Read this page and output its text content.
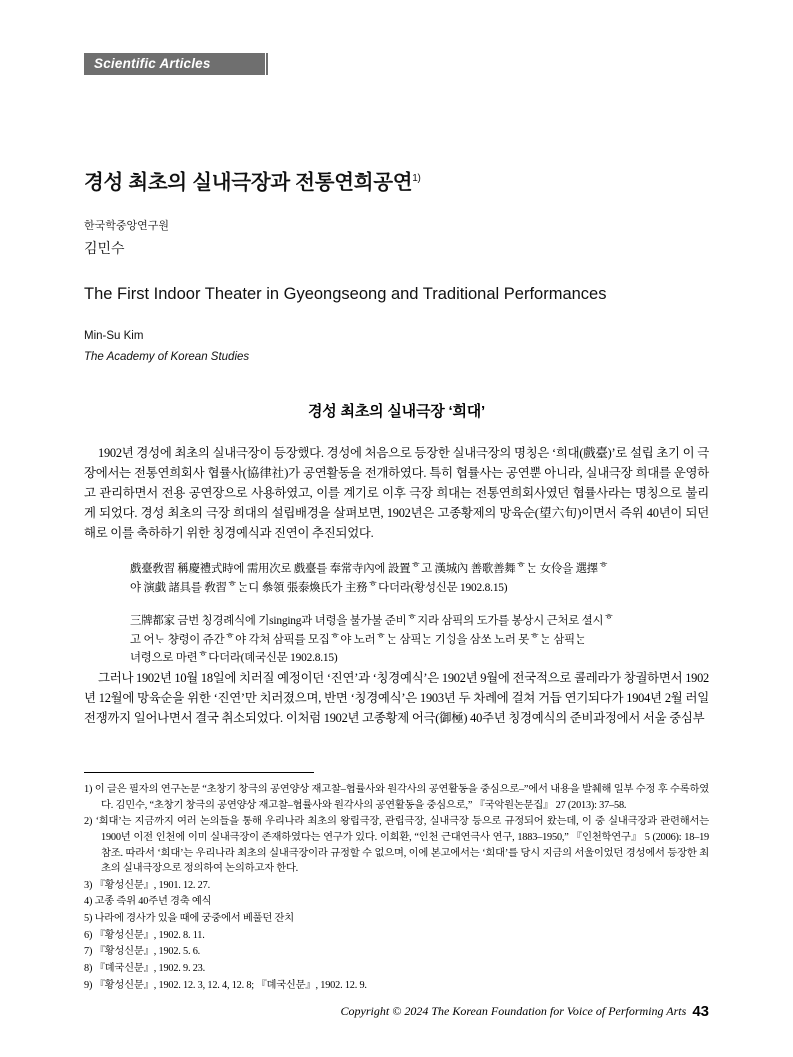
Scientific Articles
경성 최초의 실내극장과 전통연희공연$^{1)}$
한국학중앙연구원
김민수
The First Indoor Theater in Gyeongseong and Traditional Performances
Min-Su Kim
The Academy of Korean Studies
경성 최초의 실내극장 ‘희대’

1902년 경성에 최초의 실내극장이 등장했다. 경성에 처음으로 등장한 실내극장의 명칭은 ‘희대(戲臺)’로 설립 초기 이 극장에서는 전통연희회사 협률사(協律社)가 공연활동을 전개하였다. 특히 협률사는 공연뿐 아니라, 실내극장 희대를 운영하고 관리하면서 전용 공연장으로 사용하였고, 이를 계기로 이후 극장 희대는 전통연희회사였던 협률사라는 명칭으로 불리게 되었다. 경성 최초의 극장 희대의 설립배경을 살펴보면, 1902년은 고종황제의 망육순(望六旬)이면서 즉위 40년이 되던 해로 이를 축하하기 위한 칭경예식과 진연이 추진되었다.

戲臺敎習 稱慶禮式時에 需用次로 戲臺를 奉常寺內에 設置ᄒ고 漢城內 善歌善舞ᄒᄂᆞᆫ 女伶을 選擇ᄒ
야 演戱 諸具를 敎習ᄒᄂᆞᆫ디 叅領 張泰煥氏가 主務ᄒ다더라(황성신문 1902.8.15)
三牌都家 금번 칭경례식에 기singing과 녀령을 불가불 준비ᄒ지라 삼픽의 도가를 봉상시 근처로 셜시ᄒ
고 어ᄂᆞ 챵령이 쥬간ᄒ야 각쳐 삼픽를 모집ᄒ야 노러ᄒᄂᆞᆫ 삼픽ᄂᆞᆫ 기ᄉᆡᆼ을 삼쏘 노러 못ᄒᄂᆞᆫ 삼픽ᄂᆞᆫ
녀령으로 마련ᄒ다더라(뎨국신문 1902.8.15)

그러나 1902년 10월 18일에 치러질 예정이던 ‘진연’과 ‘칭경예식’은 1902년 9월에 전국적으로 콜레라가 창궐하면서 1902년 12월에 망육순을 위한 ‘진연’만 치러졌으며, 반면 ‘칭경예식’은 1903년 두 차례에 걸쳐 거듭 연기되다가 1904년 2월 러일전쟁까지 일어나면서 결국 취소되었다. 이처럼 1902년 고종황제 어극(御極) 40주년 칭경예식의 준비과정에서 서울 중심부

1) 이 글은 필자의 연구논문 “초창기 창극의 공연양상 재고찰–협률사와 원각사의 공연활동을 중심으로–”에서 내용을 발췌해 일부 수정 후 수록하였다. 김민수, “초창기 창극의 공연양상 재고찰–협률사와 원각사의 공연활동을 중심으로,” 『국악원논문집』 27 (2013): 37–58.
2) ‘희대’는 지금까지 여러 논의들을 통해 우리나라 최초의 왕립극장, 관립극장, 실내극장 등으로 규정되어 왔는데, 이 중 실내극장과 관련해서는 1900년 이전 인천에 이미 실내극장이 존재하였다는 연구가 있다. 이희환, “인천 근대연극사 연구, 1883–1950,” 『인천학연구』 5 (2006): 18–19 참조. 따라서 ‘희대’는 우리나라 최초의 실내극장이라 규정할 수 없으며, 이에 본고에서는 ‘희대’를 당시 지금의 서울이었던 경성에서 등장한 최초의 실내극장으로 정의하여 논의하고자 한다.
3) 『황성신문』, 1901. 12. 27.
4) 고종 즉위 40주년 경축 예식
5) 나라에 경사가 있을 때에 궁중에서 베풀던 잔치
6) 『황성신문』, 1902. 8. 11.
7) 『황성신문』, 1902. 5. 6.
8) 『뎨국신문』, 1902. 9. 23.
9) 『황성신문』, 1902. 12. 3, 12. 4, 12. 8; 『뎨국신문』, 1902. 12. 9.
Copyright © 2024 The Korean Foundation for Voice of Performing Arts 43
